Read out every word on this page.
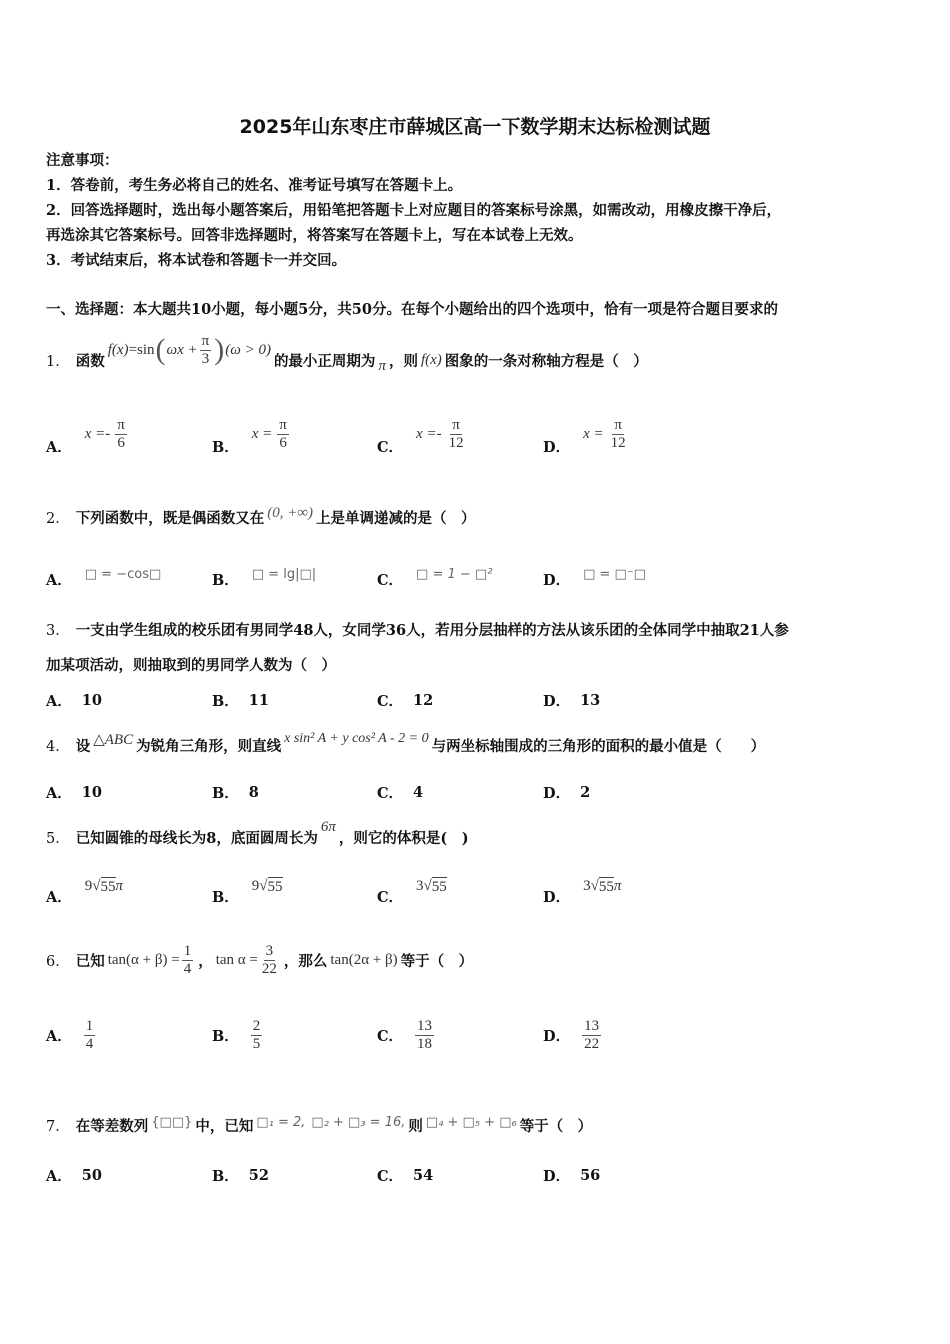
2025年山东枣庄市薛城区高一下数学期末达标检测试题
注意事项：
1．答卷前，考生务必将自己的姓名、准考证号填写在答题卡上。
2．回答选择题时，选出每小题答案后，用铅笔把答题卡上对应题目的答案标号涂黑，如需改动，用橡皮擦干净后，
再选涂其它答案标号。回答非选择题时，将答案写在答题卡上，写在本试卷上无效。
3．考试结束后，将本试卷和答题卡一并交回。
一、选择题：本大题共10小题，每小题5分，共50分。在每个小题给出的四个选项中，恰有一项是符合题目要求的
1． 函数
f (x) =sin ( $\omega x + \frac{\pi}{3}$ ) (ω > 0)
的最小正周期为 π ，则 f(x) 图象的一条对称轴方程是（　）
A．
$x =- \frac{\pi}{6}$	B．
$x = \frac{\pi}{6}$	C．
$x =- \frac{\pi}{12}$	D．
$x = \frac{\pi}{12}$
2． 下列函数中，既是偶函数又在 (0, +∞) 上是单调递减的是（　）
A． □ = −cos□	B． □ = lg|□|	C． □ = 1 − □²	D． □ = □⁻□
3． 一支由学生组成的校乐团有男同学48人，女同学36人，若用分层抽样的方法从该乐团的全体同学中抽取21人参
加某项活动，则抽取到的男同学人数为（　）
A． 10	B． 11	C． 12	D． 13
4． 设 △ABC 为锐角三角形，则直线 x sin² A + y cos² A - 2 = 0 与两坐标轴围成的三角形的面积的最小值是（　　）
A． 10	B． 8	C． 4	D． 2
5． 已知圆锥的母线长为8，底面圆周长为
6π
，则它的体积是(　)
A．
9 √ 55 π
B．
9 √ 55
C．
3 √ 55
D．
3 √ 55 π
6． 已知 $\tan(\alpha + \beta) = \frac{1}{4}$ ， $\tan \alpha = \frac{3}{22}$ ，那么 tan(2α + β) 等于（　）
A． $\frac{1}{4}$	B． $\frac{2}{5}$	C． $\frac{13}{18}$	D． $\frac{13}{22}$
7． 在等差数列 {□□} 中，已知 □₁ = 2, □₂ + □₃ = 16, 则 □₄ + □₅ + □₆ 等于（　）
A． 50	B． 52	C． 54	D． 56
